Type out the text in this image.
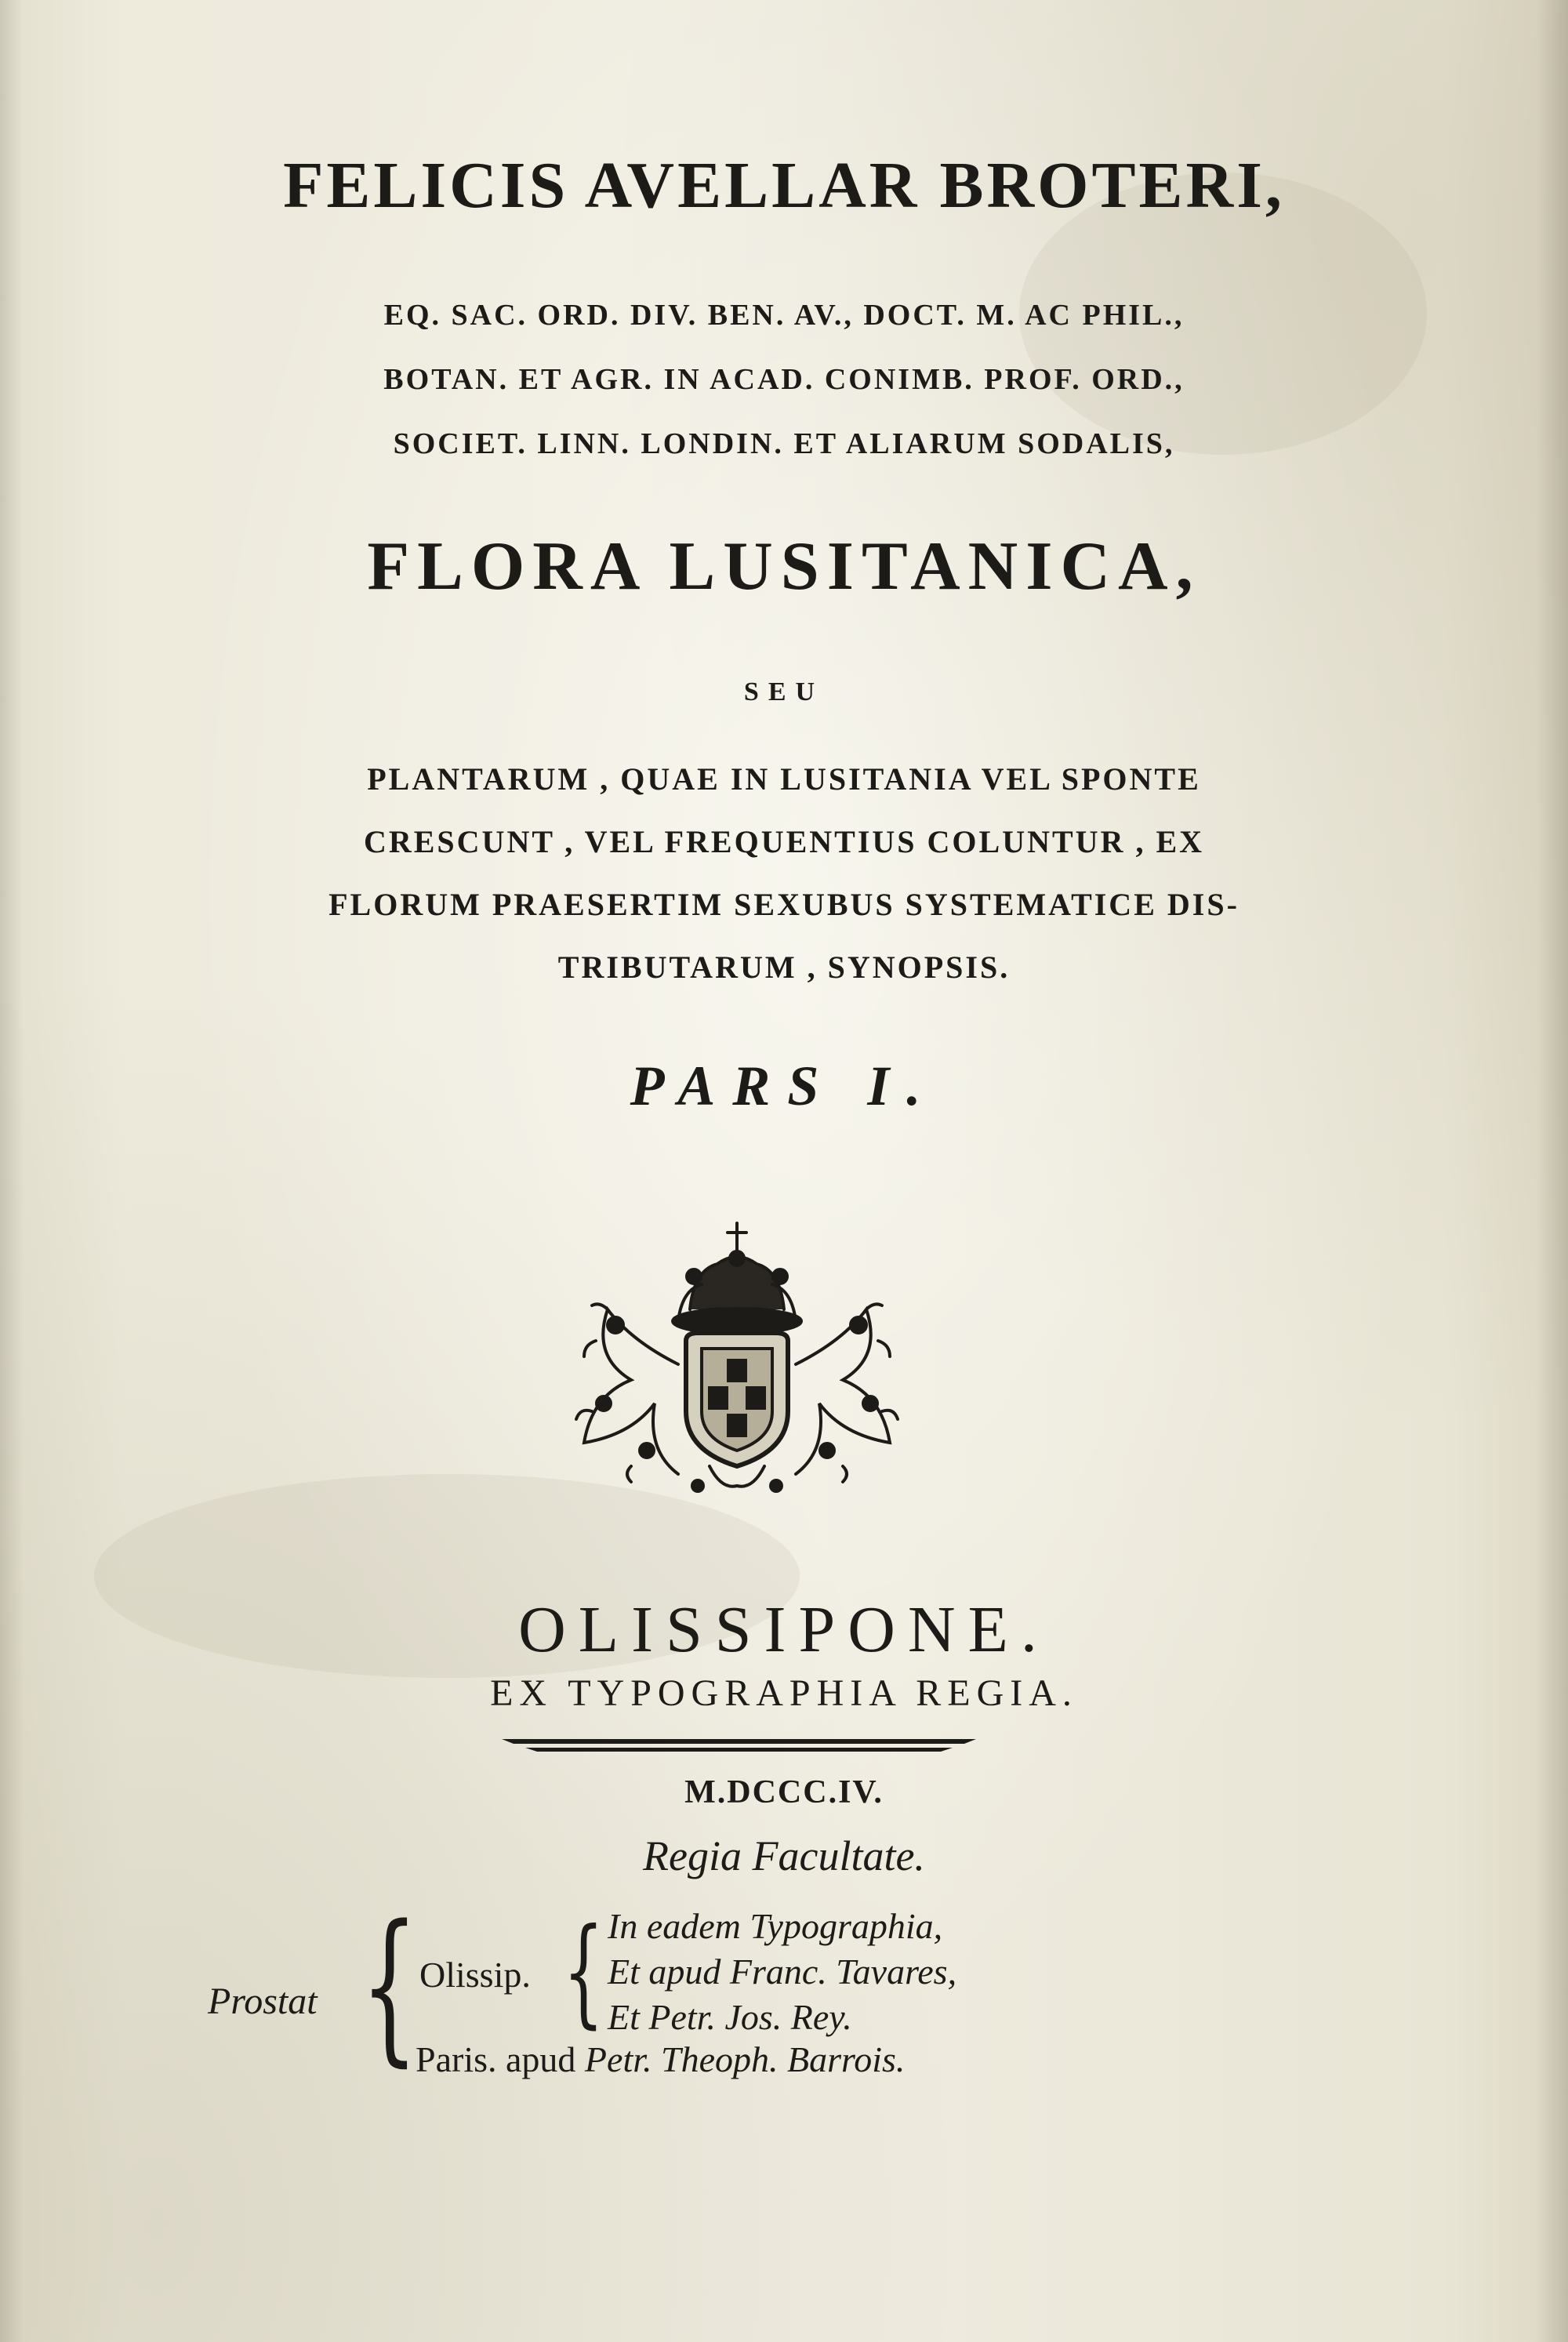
FELICIS AVELLAR BROTERI,
EQ. SAC. ORD. DIV. BEN. AV., DOCT. M. AC PHIL.,
BOTAN. ET AGR. IN ACAD. CONIMB. PROF. ORD.,
SOCIET. LINN. LONDIN. ET ALIARUM SODALIS,
FLORA LUSITANICA,
SEU
PLANTARUM , QUAE IN LUSITANIA VEL SPONTE
CRESCUNT , VEL FREQUENTIUS COLUNTUR , EX
FLORUM PRAESERTIM SEXUBUS SYSTEMATICE DIS-
TRIBUTARUM , SYNOPSIS.
PARS I.
OLISSIPONE.
EX TYPOGRAPHIA REGIA.
M.DCCC.IV.
Regia Facultate.
Prostat { Olissip. { In eadem Typographia,
Et apud Franc. Tavares,
Et Petr. Jos. Rey.
Paris. apud Petr. Theoph. Barrois.
